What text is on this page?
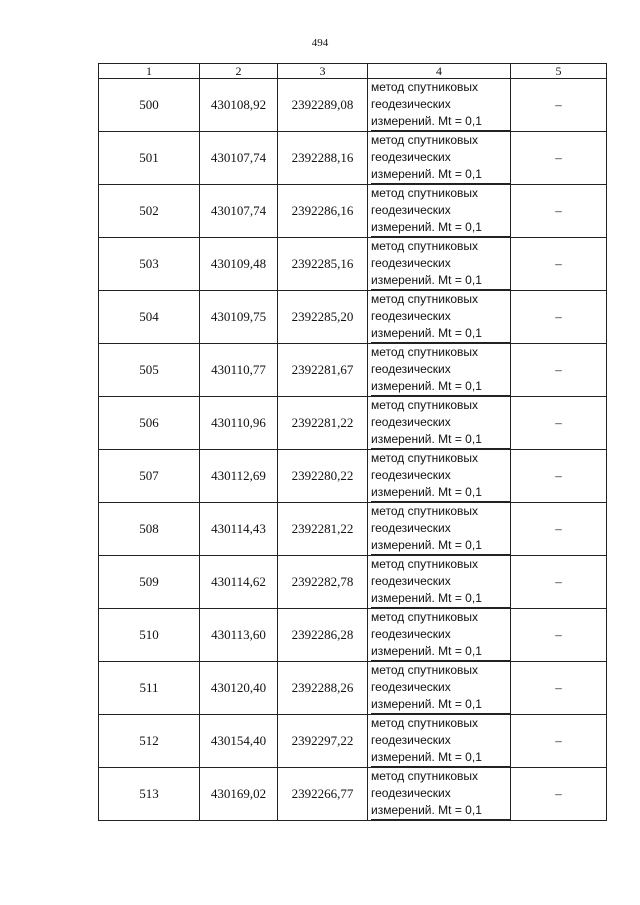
494
1	2	3	4	5
500	430108,92	2392289,08	метод спутниковых
геодезических
измерений. Mt = 0,1	–
501	430107,74	2392288,16	метод спутниковых
геодезических
измерений. Mt = 0,1	–
502	430107,74	2392286,16	метод спутниковых
геодезических
измерений. Mt = 0,1	–
503	430109,48	2392285,16	метод спутниковых
геодезических
измерений. Mt = 0,1	–
504	430109,75	2392285,20	метод спутниковых
геодезических
измерений. Mt = 0,1	–
505	430110,77	2392281,67	метод спутниковых
геодезических
измерений. Mt = 0,1	–
506	430110,96	2392281,22	метод спутниковых
геодезических
измерений. Mt = 0,1	–
507	430112,69	2392280,22	метод спутниковых
геодезических
измерений. Mt = 0,1	–
508	430114,43	2392281,22	метод спутниковых
геодезических
измерений. Mt = 0,1	–
509	430114,62	2392282,78	метод спутниковых
геодезических
измерений. Mt = 0,1	–
510	430113,60	2392286,28	метод спутниковых
геодезических
измерений. Mt = 0,1	–
511	430120,40	2392288,26	метод спутниковых
геодезических
измерений. Mt = 0,1	–
512	430154,40	2392297,22	метод спутниковых
геодезических
измерений. Mt = 0,1	–
513	430169,02	2392266,77	метод спутниковых
геодезических
измерений. Mt = 0,1	–
